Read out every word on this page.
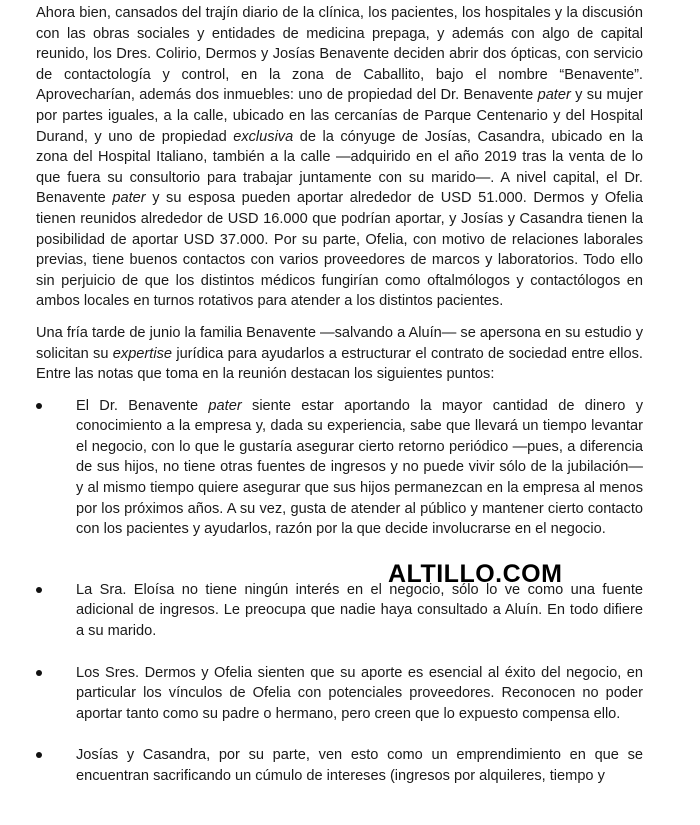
Ahora bien, cansados del trajín diario de la clínica, los pacientes, los hospitales y la discusión con las obras sociales y entidades de medicina prepaga, y además con algo de capital reunido, los Dres. Colirio, Dermos y Josías Benavente deciden abrir dos ópticas, con servicio de contactología y control, en la zona de Caballito, bajo el nombre “Benavente”. Aprovecharían, además dos inmuebles: uno de propiedad del Dr. Benavente pater y su mujer por partes iguales, a la calle, ubicado en las cercanías de Parque Centenario y del Hospital Durand, y uno de propiedad exclusiva de la cónyuge de Josías, Casandra, ubicado en la zona del Hospital Italiano, también a la calle —adquirido en el año 2019 tras la venta de lo que fuera su consultorio para trabajar juntamente con su marido—. A nivel capital, el Dr. Benavente pater y su esposa pueden aportar alrededor de USD 51.000. Dermos y Ofelia tienen reunidos alrededor de USD 16.000 que podrían aportar, y Josías y Casandra tienen la posibilidad de aportar USD 37.000. Por su parte, Ofelia, con motivo de relaciones laborales previas, tiene buenos contactos con varios proveedores de marcos y laboratorios. Todo ello sin perjuicio de que los distintos médicos fungirían como oftalmólogos y contactólogos en ambos locales en turnos rotativos para atender a los distintos pacientes.

Una fría tarde de junio la familia Benavente —salvando a Aluín— se apersona en su estudio y solicitan su expertise jurídica para ayudarlos a estructurar el contrato de sociedad entre ellos. Entre las notas que toma en la reunión destacan los siguientes puntos:

El Dr. Benavente pater siente estar aportando la mayor cantidad de dinero y conocimiento a la empresa y, dada su experiencia, sabe que llevará un tiempo levantar el negocio, con lo que le gustaría asegurar cierto retorno periódico —pues, a diferencia de sus hijos, no tiene otras fuentes de ingresos y no puede vivir sólo de la jubilación— y al mismo tiempo quiere asegurar que sus hijos permanezcan en la empresa al menos por los próximos años. A su vez, gusta de atender al público y mantener cierto contacto con los pacientes y ayudarlos, razón por la que decide involucrarse en el negocio.

La Sra. Eloísa no tiene ningún interés en el negocio, sólo lo ve como una fuente adicional de ingresos. Le preocupa que nadie haya consultado a Aluín. En todo difiere a su marido.

Los Sres. Dermos y Ofelia sienten que su aporte es esencial al éxito del negocio, en particular los vínculos de Ofelia con potenciales proveedores. Reconocen no poder aportar tanto como su padre o hermano, pero creen que lo expuesto compensa ello.

Josías y Casandra, por su parte, ven esto como un emprendimiento en que se encuentran sacrificando un cúmulo de intereses (ingresos por alquileres, tiempo y

ALTILLO.COM
